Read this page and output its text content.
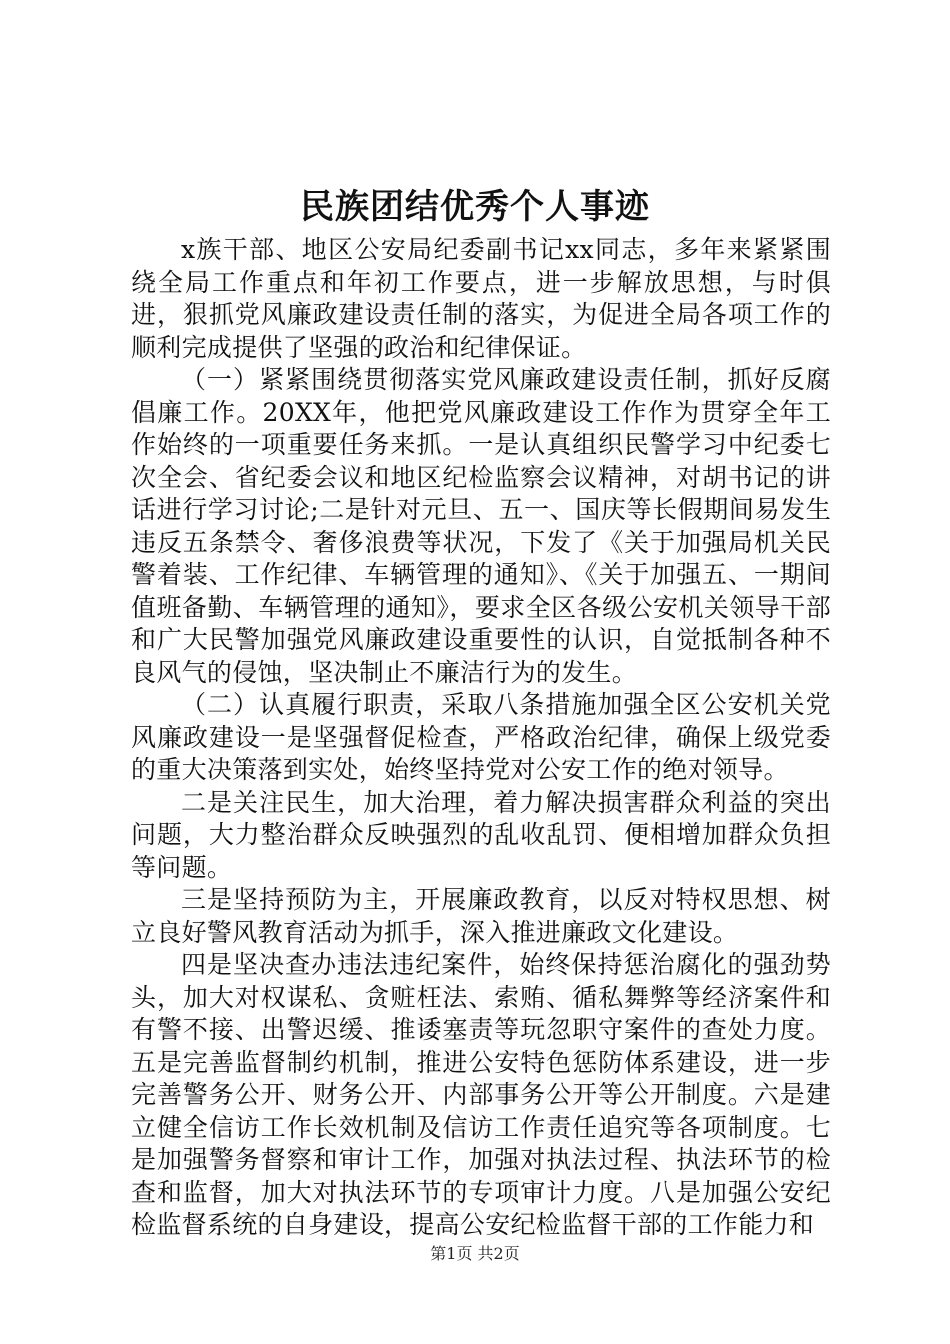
民族团结优秀个人事迹

x族干部、地区公安局纪委副书记xx同志，多年来紧紧围绕全局工作重点和年初工作要点，进一步解放思想，与时俱进，狠抓党风廉政建设责任制的落实，为促进全局各项工作的顺利完成提供了坚强的政治和纪律保证。

（一）紧紧围绕贯彻落实党风廉政建设责任制，抓好反腐倡廉工作。20XX年，他把党风廉政建设工作作为贯穿全年工作始终的一项重要任务来抓。一是认真组织民警学习中纪委七次全会、省纪委会议和地区纪检监察会议精神，对胡书记的讲话进行学习讨论;二是针对元旦、五一、国庆等长假期间易发生违反五条禁令、奢侈浪费等状况，下发了《关于加强局机关民警着装、工作纪律、车辆管理的通知》、《关于加强五、一期间值班备勤、车辆管理的通知》，要求全区各级公安机关领导干部和广大民警加强党风廉政建设重要性的认识，自觉抵制各种不良风气的侵蚀，坚决制止不廉洁行为的发生。

（二）认真履行职责，采取八条措施加强全区公安机关党风廉政建设一是坚强督促检查，严格政治纪律，确保上级党委的重大决策落到实处，始终坚持党对公安工作的绝对领导。

二是关注民生，加大治理，着力解决损害群众利益的突出问题，大力整治群众反映强烈的乱收乱罚、便相增加群众负担等问题。

三是坚持预防为主，开展廉政教育，以反对特权思想、树立良好警风教育活动为抓手，深入推进廉政文化建设。

四是坚决查办违法违纪案件，始终保持惩治腐化的强劲势头，加大对权谋私、贪赃枉法、索贿、循私舞弊等经济案件和有警不接、出警迟缓、推诿塞责等玩忽职守案件的查处力度。五是完善监督制约机制，推进公安特色惩防体系建设，进一步完善警务公开、财务公开、内部事务公开等公开制度。六是建立健全信访工作长效机制及信访工作责任追究等各项制度。七是加强警务督察和审计工作，加强对执法过程、执法环节的检查和监督，加大对执法环节的专项审计力度。八是加强公安纪检监督系统的自身建设，提高公安纪检监督干部的工作能力和

第1页 共2页
